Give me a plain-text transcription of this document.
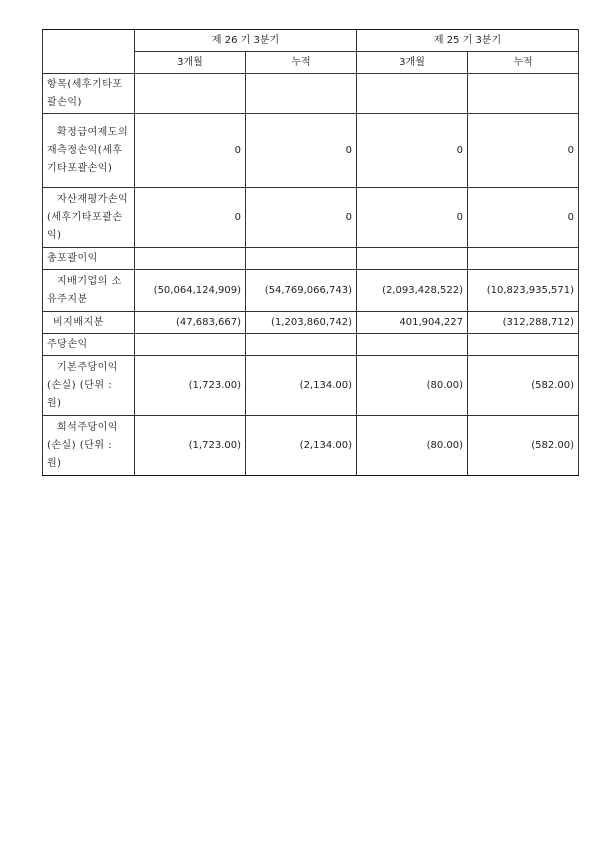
	제 26 기 3분기		제 25 기 3분기	
	3개월	누적	3개월	누적
항목(세후기타포괄손익)				
확정급여제도의 재측정손익(세후기타포괄손익)	0	0	0	0
자산재평가손익(세후기타포괄손익)	0	0	0	0
총포괄이익				
지배기업의 소유주지분	(50,064,124,909)	(54,769,066,743)	(2,093,428,522)	(10,823,935,571)
비지배지분	(47,683,667)	(1,203,860,742)	401,904,227	(312,288,712)
주당손익				
기본주당이익(손실) (단위 : 원)	(1,723.00)	(2,134.00)	(80.00)	(582.00)
희석주당이익(손실) (단위 : 원)	(1,723.00)	(2,134.00)	(80.00)	(582.00)
